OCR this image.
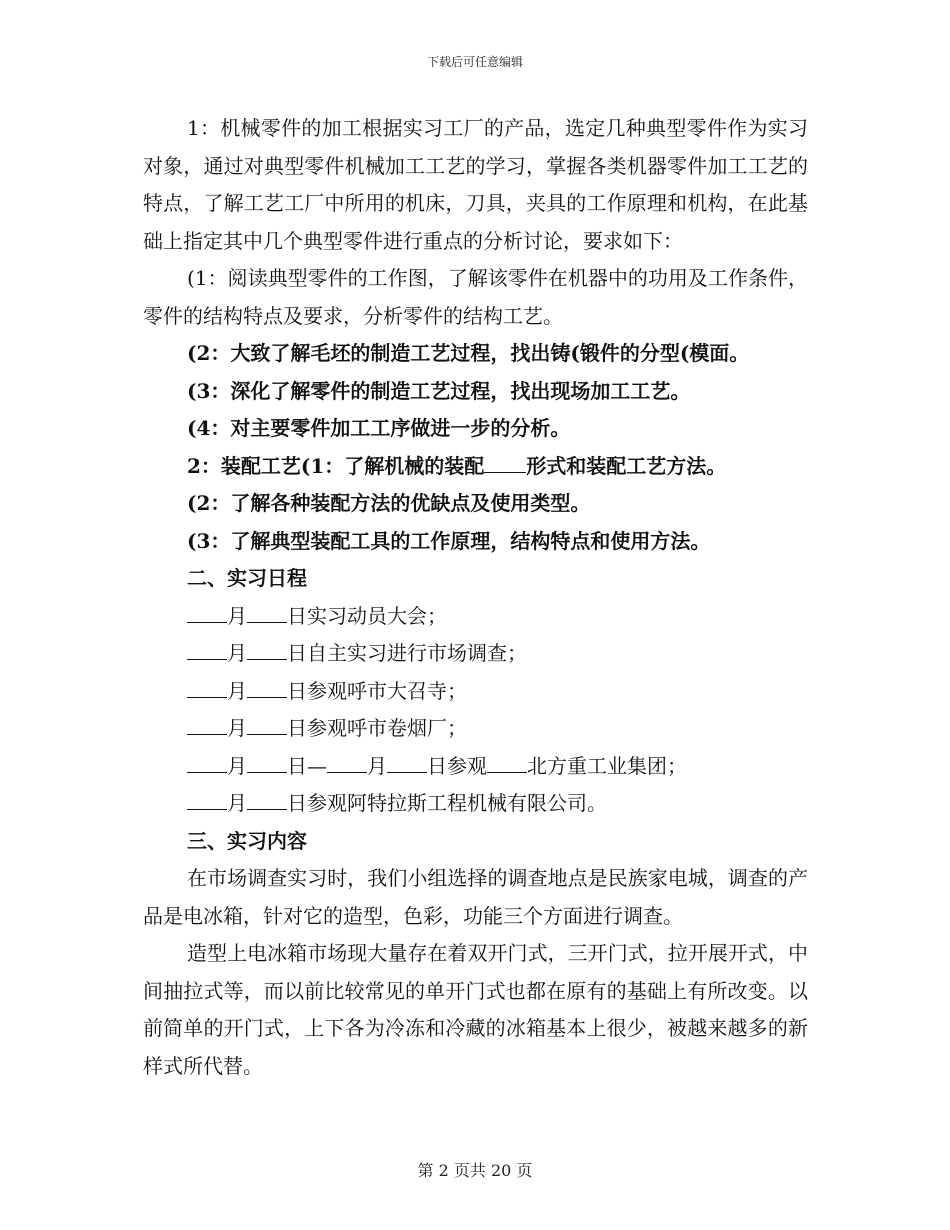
下载后可任意编辑

1：机械零件的加工根据实习工厂的产品，选定几种典型零件作为实习对象，通过对典型零件机械加工工艺的学习，掌握各类机器零件加工工艺的特点，了解工艺工厂中所用的机床，刀具，夹具的工作原理和机构，在此基础上指定其中几个典型零件进行重点的分析讨论，要求如下：

(1：阅读典型零件的工作图，了解该零件在机器中的功用及工作条件，零件的结构特点及要求，分析零件的结构工艺。

(2：大致了解毛坯的制造工艺过程，找出铸(锻件的分型(模面。

(3：深化了解零件的制造工艺过程，找出现场加工工艺。

(4：对主要零件加工工序做进一步的分析。

2：装配工艺(1：了解机械的装配 形式和装配工艺方法。

(2：了解各种装配方法的优缺点及使用类型。

(3：了解典型装配工具的工作原理，结构特点和使用方法。

二、实习日程

月 日实习动员大会；

月 日自主实习进行市场调查；

月 日参观呼市大召寺；

月 日参观呼市卷烟厂；

月 日— 月 日参观 北方重工业集团；

月 日参观阿特拉斯工程机械有限公司。

三、实习内容

在市场调查实习时，我们小组选择的调查地点是民族家电城，调查的产品是电冰箱，针对它的造型，色彩，功能三个方面进行调查。

造型上电冰箱市场现大量存在着双开门式，三开门式，拉开展开式，中间抽拉式等，而以前比较常见的单开门式也都在原有的基础上有所改变。以前简单的开门式，上下各为冷冻和冷藏的冰箱基本上很少，被越来越多的新样式所代替。

第 2 页共 20 页
